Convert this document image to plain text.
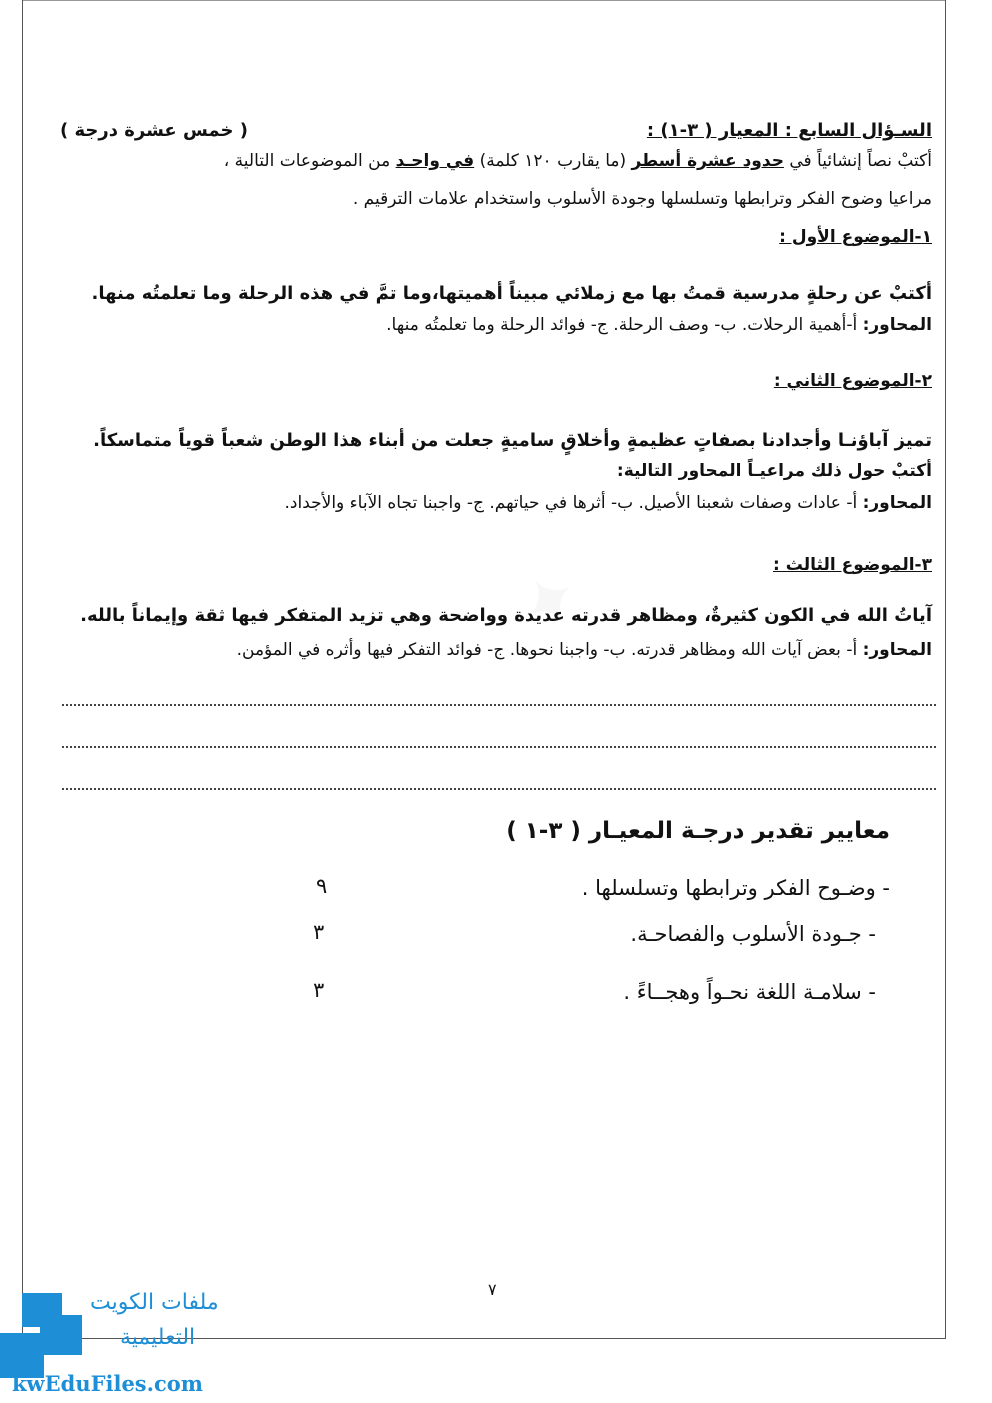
✦
السـؤال السابع : المعيار ( ٣-١) :
( خمس عشرة درجة )
أكتبْ نصاً إنشائياً في حدود عشرة أسطر (ما يقارب ١٢٠ كلمة) في واحـد من الموضوعات التالية ،
مراعيا وضوح الفكر وترابطها وتسلسلها وجودة الأسلوب واستخدام علامات الترقيم .
١-الموضوع الأول :
أكتبْ عن رحلةٍ مدرسية قمتُ بها مع زملائي مبيناً أهميتها،وما تمَّ في هذه الرحلة وما تعلمتُه منها.
المحاور: أ-أهمية الرحلات. ب- وصف الرحلة. ج- فوائد الرحلة وما تعلمتُه منها.
٢-الموضوع الثاني :
تميز آباؤنـا وأجدادنا بصفاتٍ عظيمةٍ وأخلاقٍ ساميةٍ جعلت من أبناء هذا الوطن شعباً قوياً متماسكاً.
أكتبْ حول ذلك مراعيـاً المحاور التالية:
المحاور: أ- عادات وصفات شعبنا الأصيل. ب- أثرها في حياتهم. ج- واجبنا تجاه الآباء والأجداد.
٣-الموضوع الثالث :
آياتُ الله في الكون كثيرةٌ، ومظاهر قدرته عديدة وواضحة وهي تزيد المتفكر فيها ثقة وإيماناً بالله.
المحاور: أ- بعض آيات الله ومظاهر قدرته. ب- واجبنا نحوها. ج- فوائد التفكر فيها وأثره في المؤمن.
معايير تقدير درجـة المعيـار ( ٣-١ )
- وضـوح الفكر وترابطها وتسلسلها .
٩
- جـودة الأسلوب والفصاحـة.
٣
- سلامـة اللغة نحـواً وهجــاءً .
٣
٧
ملفات الكويت
التعليمية
kwEduFiles.com
